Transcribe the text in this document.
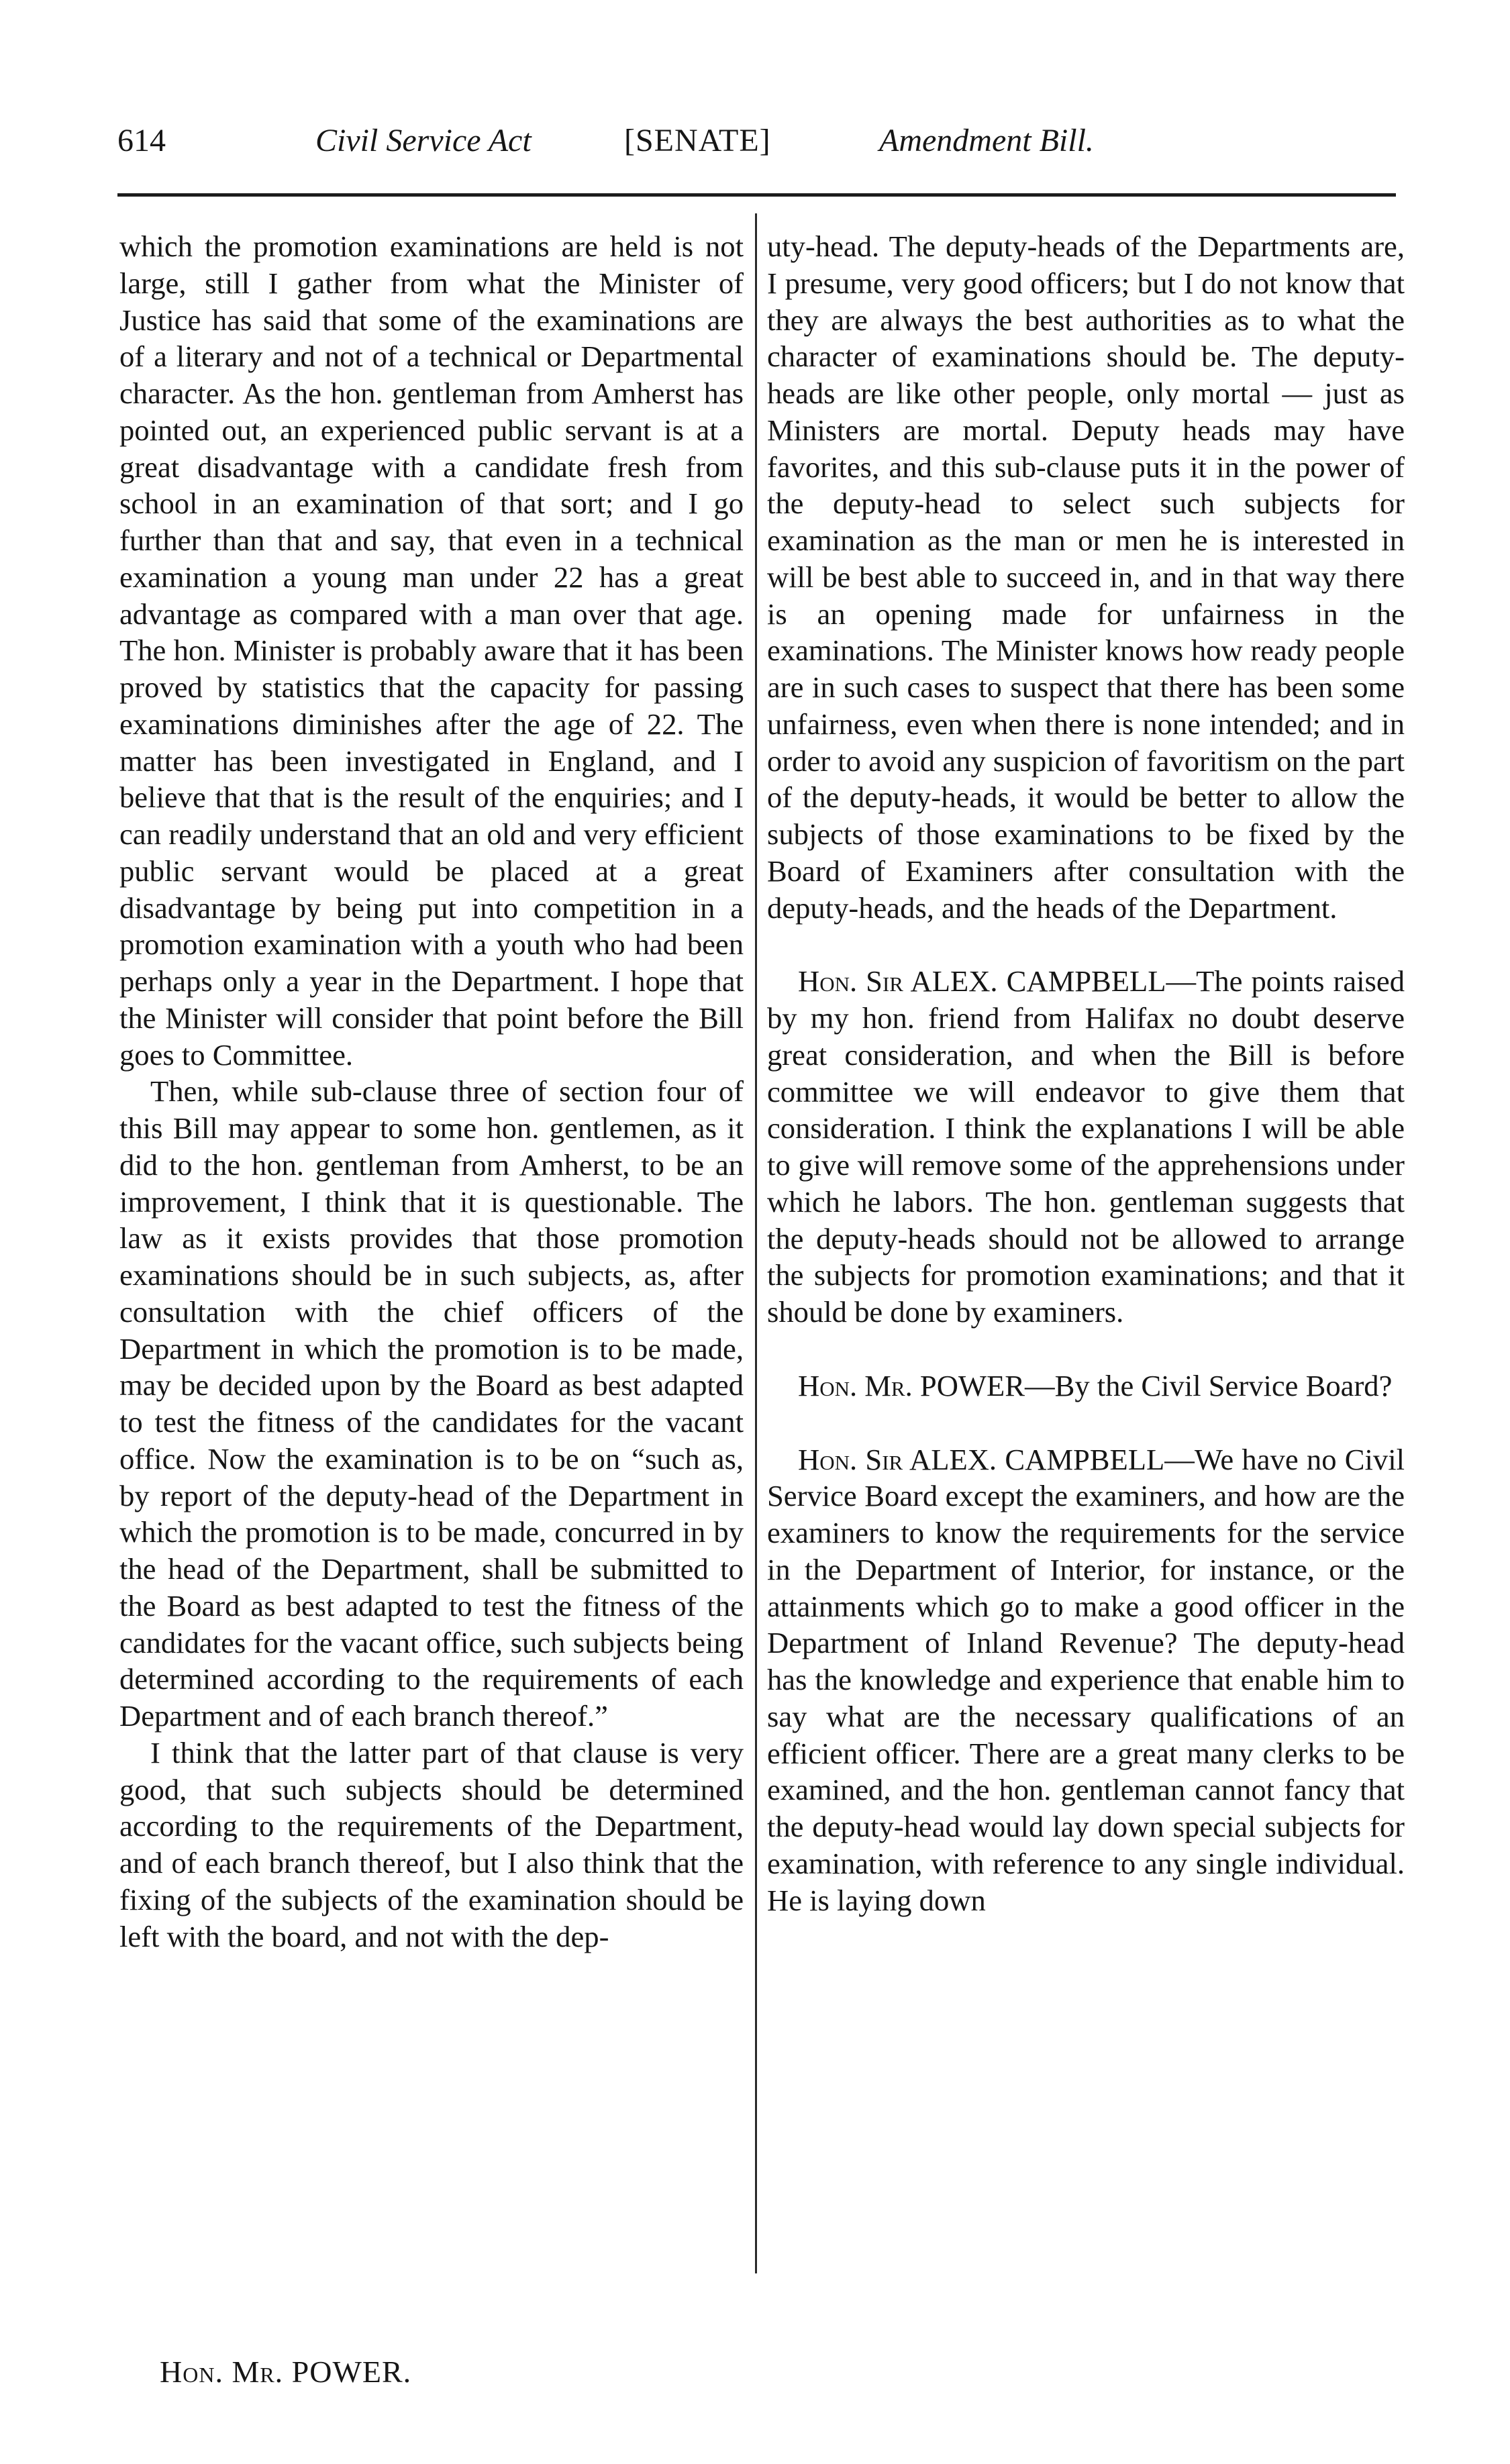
614	Civil Service Act	[SENATE]	Amendment Bill.

which the promotion examinations are held is not large, still I gather from what the Minister of Justice has said that some of the examinations are of a literary and not of a technical or Departmental character. As the hon. gentleman from Amherst has pointed out, an experienced public servant is at a great disadvantage with a candidate fresh from school in an examination of that sort; and I go further than that and say, that even in a technical examination a young man under 22 has a great advantage as compared with a man over that age. The hon. Minister is probably aware that it has been proved by statistics that the capacity for passing examinations diminishes after the age of 22. The matter has been investigated in England, and I believe that that is the result of the enquiries; and I can readily understand that an old and very efficient public servant would be placed at a great disadvantage by being put into competition in a promotion examination with a youth who had been perhaps only a year in the Department. I hope that the Minister will consider that point before the Bill goes to Committee.

Then, while sub-clause three of section four of this Bill may appear to some hon. gentlemen, as it did to the hon. gentleman from Amherst, to be an improvement, I think that it is questionable. The law as it exists provides that those promotion examinations should be in such subjects, as, after consultation with the chief officers of the Department in which the promotion is to be made, may be decided upon by the Board as best adapted to test the fitness of the candidates for the vacant office. Now the examination is to be on “such as, by report of the deputy-head of the Department in which the promotion is to be made, concurred in by the head of the Department, shall be submitted to the Board as best adapted to test the fitness of the candidates for the vacant office, such subjects being determined according to the requirements of each Department and of each branch thereof.”

I think that the latter part of that clause is very good, that such subjects should be determined according to the requirements of the Department, and of each branch thereof, but I also think that the fixing of the subjects of the examination should be left with the board, and not with the dep-

uty-head. The deputy-heads of the Departments are, I presume, very good officers; but I do not know that they are always the best authorities as to what the character of examinations should be. The deputy-heads are like other people, only mortal — just as Ministers are mortal. Deputy heads may have favorites, and this sub-clause puts it in the power of the deputy-head to select such subjects for examination as the man or men he is interested in will be best able to succeed in, and in that way there is an opening made for unfairness in the examinations. The Minister knows how ready people are in such cases to suspect that there has been some unfairness, even when there is none intended; and in order to avoid any suspicion of favoritism on the part of the deputy-heads, it would be better to allow the subjects of those examinations to be fixed by the Board of Examiners after consultation with the deputy-heads, and the heads of the Department.

Hon. Sir ALEX. CAMPBELL—The points raised by my hon. friend from Halifax no doubt deserve great consideration, and when the Bill is before committee we will endeavor to give them that consideration. I think the explanations I will be able to give will remove some of the apprehensions under which he labors. The hon. gentleman suggests that the deputy-heads should not be allowed to arrange the subjects for promotion examinations; and that it should be done by examiners.

Hon. Mr. POWER—By the Civil Service Board?

Hon. Sir ALEX. CAMPBELL—We have no Civil Service Board except the examiners, and how are the examiners to know the requirements for the service in the Department of Interior, for instance, or the attainments which go to make a good officer in the Department of Inland Revenue? The deputy-head has the knowledge and experience that enable him to say what are the necessary qualifications of an efficient officer. There are a great many clerks to be examined, and the hon. gentleman cannot fancy that the deputy-head would lay down special subjects for examination, with reference to any single individual. He is laying down

Hon. Mr. POWER.
